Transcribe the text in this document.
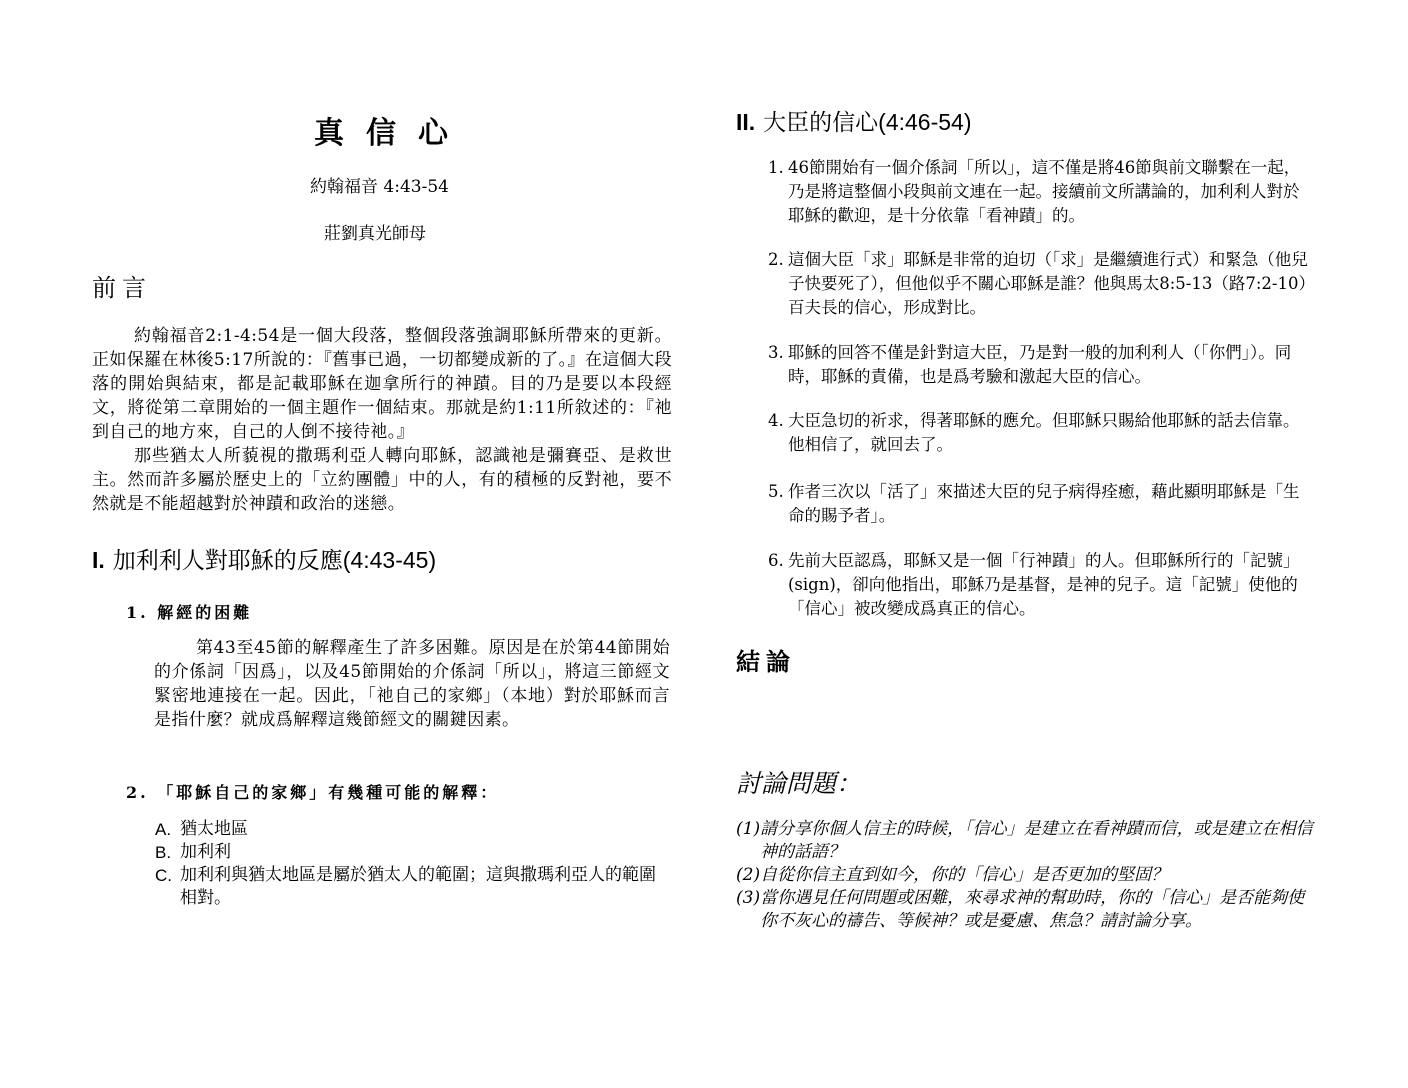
真信心
約翰福音 4:43-54
莊劉真光師母
前言
約翰福音2:1-4:54是一個大段落，整個段落強調耶穌所帶來的更新。正如保羅在林後5:17所說的：『舊事已過，一切都變成新的了。』在這個大段落的開始與結束，都是記載耶穌在迦拿所行的神蹟。目的乃是要以本段經文，將從第二章開始的一個主題作一個結束。那就是約1:11所敘述的：『祂到自己的地方來，自己的人倒不接待祂。』
那些猶太人所藐視的撒瑪利亞人轉向耶穌，認識祂是彌賽亞、是救世主。然而許多屬於歷史上的「立約團體」中的人，有的積極的反對祂，要不然就是不能超越對於神蹟和政治的迷戀。
I. 加利利人對耶穌的反應(4:43-45)
1. 解經的困難
第43至45節的解釋產生了許多困難。原因是在於第44節開始的介係詞「因爲」，以及45節開始的介係詞「所以」，將這三節經文緊密地連接在一起。因此，「祂自己的家鄉」（本地）對於耶穌而言是指什麼？就成爲解釋這幾節經文的關鍵因素。
2. 「耶穌自己的家鄉」有幾種可能的解釋：
A. 猶太地區
B. 加利利
C. 加利利與猶太地區是屬於猶太人的範圍；這與撒瑪利亞人的範圍相對。
II. 大臣的信心(4:46-54)
1. 46節開始有一個介係詞「所以」，這不僅是將46節與前文聯繫在一起，乃是將這整個小段與前文連在一起。接續前文所講論的，加利利人對於耶穌的歡迎，是十分依靠「看神蹟」的。
2. 這個大臣「求」耶穌是非常的迫切（「求」是繼續進行式）和緊急（他兒子快要死了），但他似乎不關心耶穌是誰？他與馬太8:5-13（路7:2-10）百夫長的信心，形成對比。
3. 耶穌的回答不僅是針對這大臣，乃是對一般的加利利人（「你們」）。同時，耶穌的責備，也是爲考驗和激起大臣的信心。
4. 大臣急切的祈求，得著耶穌的應允。但耶穌只賜給他耶穌的話去信靠。他相信了，就回去了。
5. 作者三次以「活了」來描述大臣的兒子病得痊癒，藉此顯明耶穌是「生命的賜予者」。
6. 先前大臣認爲，耶穌又是一個「行神蹟」的人。但耶穌所行的「記號」(sign)，卻向他指出，耶穌乃是基督，是神的兒子。這「記號」使他的「信心」被改變成爲真正的信心。
結論
討論問題：
(1)請分享你個人信主的時候，「信心」是建立在看神蹟而信，或是建立在相信神的話語？
(2)自從你信主直到如今，你的「信心」是否更加的堅固？
(3)當你遇見任何問題或困難，來尋求神的幫助時，你的「信心」是否能夠使你不灰心的禱告、等候神？或是憂慮、焦急？請討論分享。
